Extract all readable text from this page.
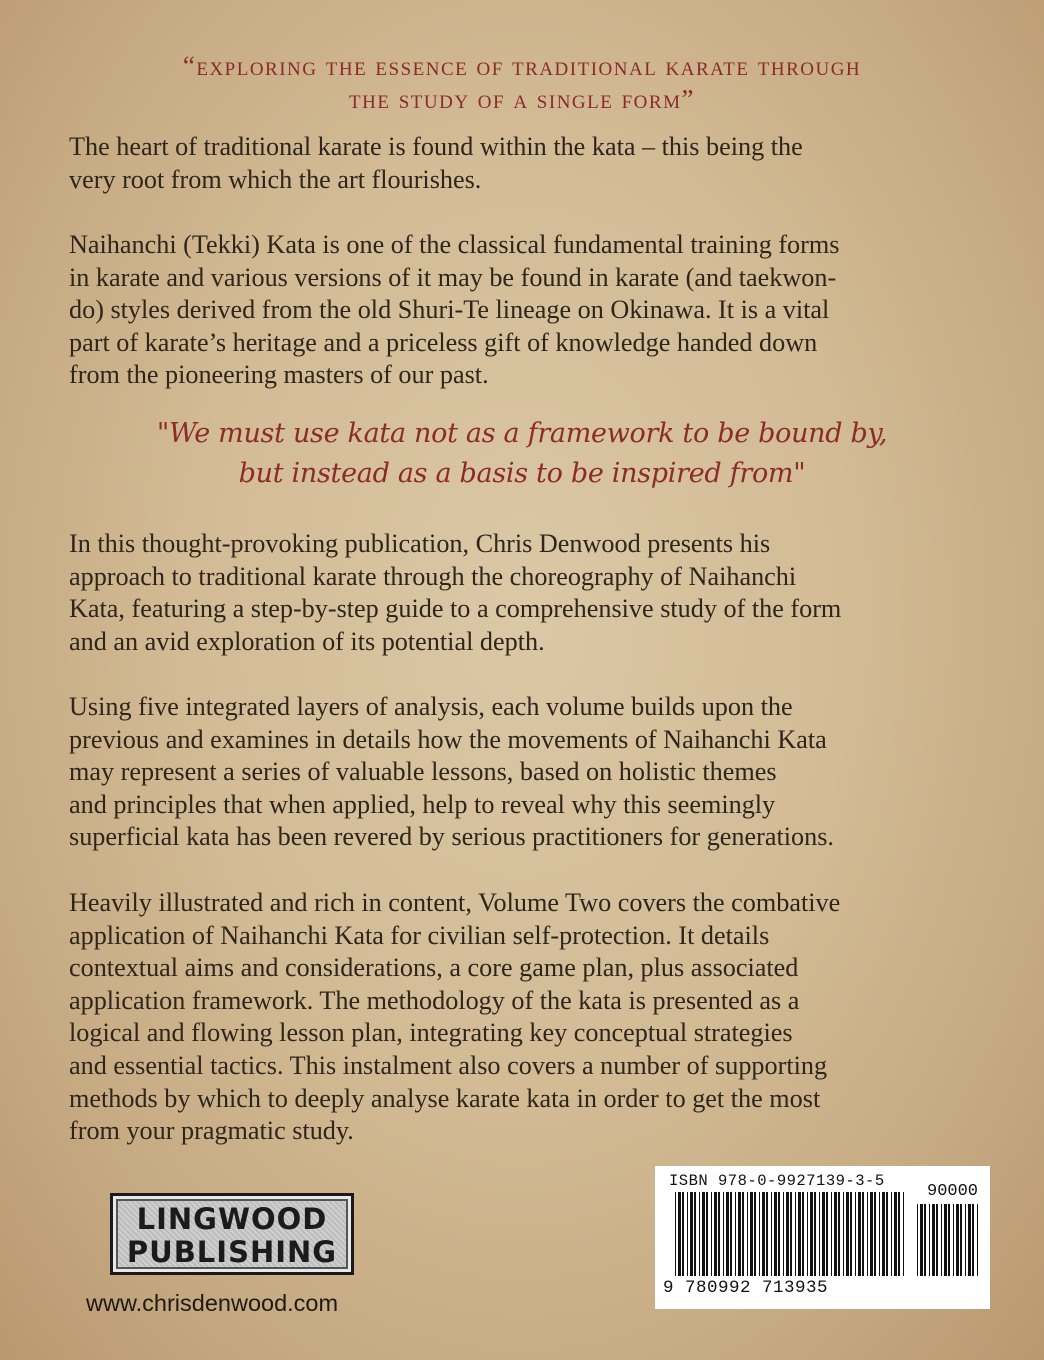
“exploring the essence of traditional karate through
the study of a single form”

The heart of traditional karate is found within the kata – this being the
very root from which the art flourishes.

Naihanchi (Tekki) Kata is one of the classical fundamental training forms
in karate and various versions of it may be found in karate (and taekwon-
do) styles derived from the old Shuri-Te lineage on Okinawa. It is a vital
part of karate’s heritage and a priceless gift of knowledge handed down
from the pioneering masters of our past.

"We must use kata not as a framework to be bound by,
but instead as a basis to be inspired from"

In this thought-provoking publication, Chris Denwood presents his
approach to traditional karate through the choreography of Naihanchi
Kata, featuring a step-by-step guide to a comprehensive study of the form
and an avid exploration of its potential depth.

Using five integrated layers of analysis, each volume builds upon the
previous and examines in details how the movements of Naihanchi Kata
may represent a series of valuable lessons, based on holistic themes
and principles that when applied, help to reveal why this seemingly
superficial kata has been revered by serious practitioners for generations.

Heavily illustrated and rich in content, Volume Two covers the combative
application of Naihanchi Kata for civilian self-protection. It details
contextual aims and considerations, a core game plan, plus associated
application framework. The methodology of the kata is presented as a
logical and flowing lesson plan, integrating key conceptual strategies
and essential tactics. This instalment also covers a number of supporting
methods by which to deeply analyse karate kata in order to get the most
from your pragmatic study.

LINGWOOD
PUBLISHING
www.chrisdenwood.com
ISBN 978-0-9927139-3-5
90000
9 780992 713935
